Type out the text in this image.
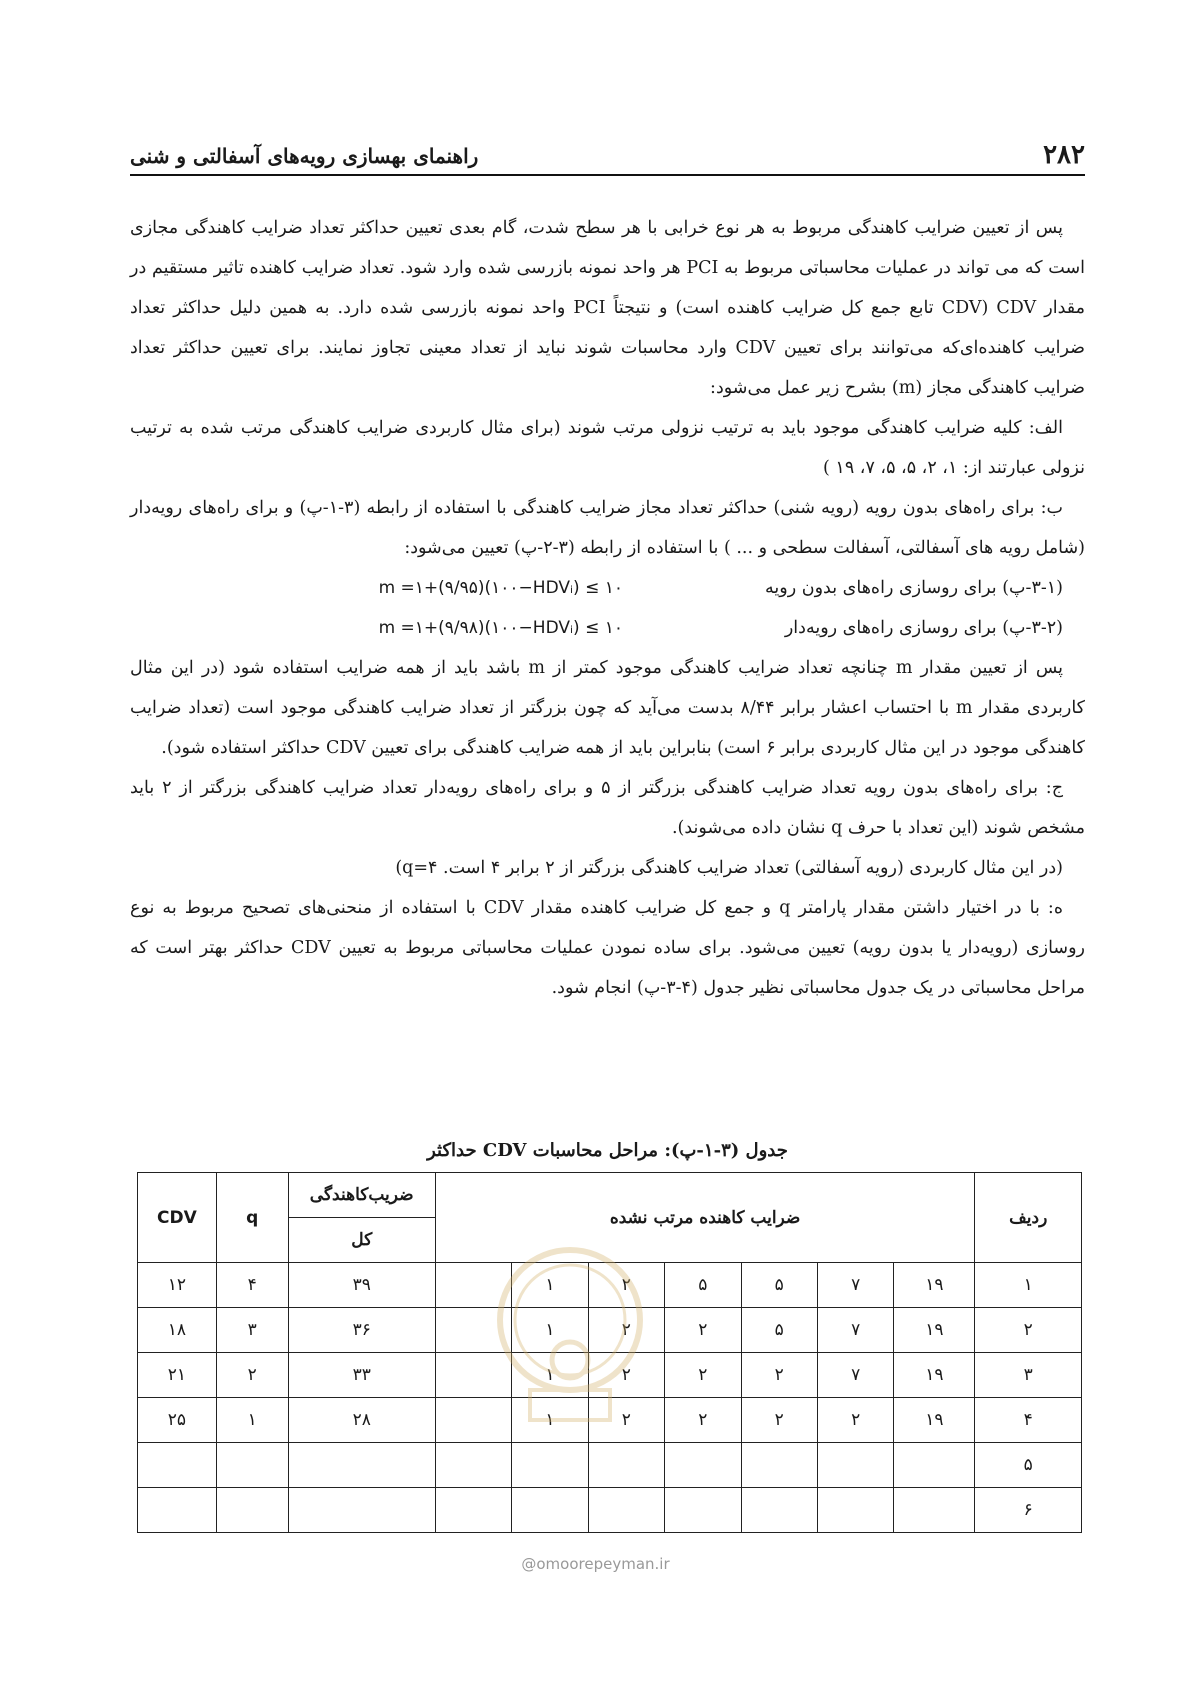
۲۸۲
راهنمای بهسازی رویه‌های آسفالتی و شنی

پس از تعیین ضرایب کاهندگی مربوط به هر نوع خرابی با هر سطح شدت، گام بعدی تعیین حداکثر تعداد ضرایب کاهندگی مجازی است که می تواند در عملیات محاسباتی مربوط به PCI هر واحد نمونه بازرسی شده وارد شود. تعداد ضرایب کاهنده تاثیر مستقیم در مقدار CDV (CDV تابع جمع کل ضرایب کاهنده است) و نتیجتاً PCI واحد نمونه بازرسی شده دارد. به همین دلیل حداکثر تعداد ضرایب کاهنده‌ای‌که می‌توانند برای تعیین CDV وارد محاسبات شوند نباید از تعداد معینی تجاوز نمایند. برای تعیین حداکثر تعداد ضرایب کاهندگی مجاز (m) بشرح زیر عمل می‌شود:

الف: کلیه ضرایب کاهندگی موجود باید به ترتیب نزولی مرتب شوند (برای مثال کاربردی ضرایب کاهندگی مرتب شده به ترتیب نزولی عبارتند از: ۱، ۲، ۵، ۵، ۷، ۱۹ )

ب: برای راه‌های بدون رویه (رویه شنی) حداکثر تعداد مجاز ضرایب کاهندگی با استفاده از رابطه (۳-۱-پ) و برای راه‌های رویه‌دار (شامل رویه های آسفالتی، آسفالت سطحی و ... ) با استفاده از رابطه (۳-۲-پ) تعیین می‌شود:

(۳-۱-پ) برای روسازی راه‌های بدون رویه
m =۱+(۹/۹۵)(۱۰۰−HDVᵢ) ≤ ۱۰
(۳-۲-پ) برای روسازی راه‌های رویه‌دار
m =۱+(۹/۹۸)(۱۰۰−HDVᵢ) ≤ ۱۰

پس از تعیین مقدار m چنانچه تعداد ضرایب کاهندگی موجود کمتر از m باشد باید از همه ضرایب استفاده شود (در این مثال کاربردی مقدار m با احتساب اعشار برابر ۸/۴۴ بدست می‌آید که چون بزرگتر از تعداد ضرایب کاهندگی موجود است (تعداد ضرایب کاهندگی موجود در این مثال کاربردی برابر ۶ است) بنابراین باید از همه ضرایب کاهندگی برای تعیین CDV حداکثر استفاده شود).

ج: برای راه‌های بدون رویه تعداد ضرایب کاهندگی بزرگتر از ۵ و برای راه‌های رویه‌دار تعداد ضرایب کاهندگی بزرگتر از ۲ باید مشخص شوند (این تعداد با حرف q نشان داده می‌شوند).

(در این مثال کاربردی (رویه آسفالتی) تعداد ضرایب کاهندگی بزرگتر از ۲ برابر ۴ است. q=۴)

ه: با در اختیار داشتن مقدار پارامتر q و جمع کل ضرایب کاهنده مقدار CDV با استفاده از منحنی‌های تصحیح مربوط به نوع روسازی (رویه‌دار یا بدون رویه) تعیین می‌شود. برای ساده نمودن عملیات محاسباتی مربوط به تعیین CDV حداکثر بهتر است که مراحل محاسباتی در یک جدول محاسباتی نظیر جدول (۴-۳-پ) انجام شود.

جدول (۳-۱-پ): مراحل محاسبات CDV حداکثر
ردیف	ضرایب کاهنده مرتب نشده							ضریب‌کاهندگی	q	CDV
								کل		
۱	۱۹	۷	۵	۵	۲	۱		۳۹	۴	۱۲
۲	۱۹	۷	۵	۲	۲	۱		۳۶	۳	۱۸
۳	۱۹	۷	۲	۲	۲	۱		۳۳	۲	۲۱
۴	۱۹	۲	۲	۲	۲	۱		۲۸	۱	۲۵
۵										
۶										
@omoorepeyman.ir
